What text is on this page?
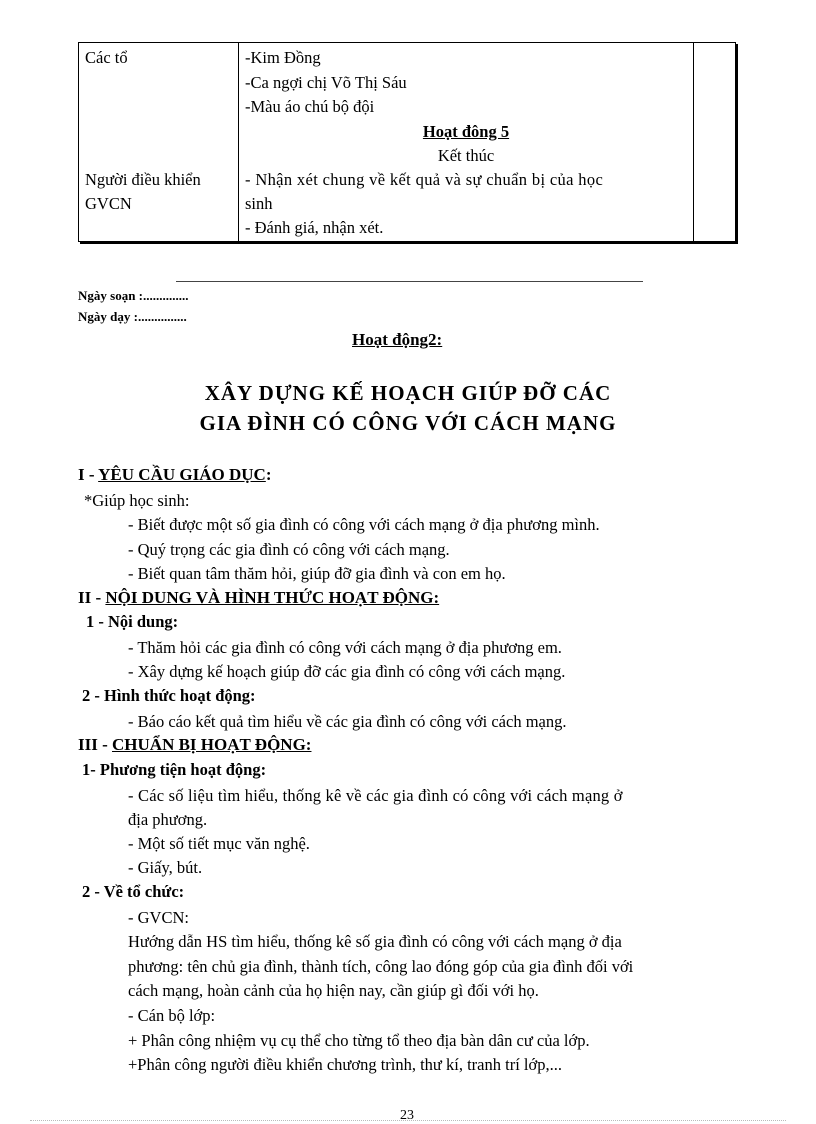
Các tổ	-Kim Đồng
-Ca ngợi chị Võ Thị Sáu
-Màu áo chú bộ đội
Hoạt đông 5
Kết thúc
Người điều khiển
GVCN
- Nhận xét chung về kết quả và sự chuẩn bị của học
sinh
- Đánh giá, nhận xét.
Ngày soạn :..............
Ngày dạy :...............
Hoạt động2:
XÂY DỰNG KẾ HOẠCH GIÚP ĐỠ CÁC
GIA ĐÌNH CÓ CÔNG VỚI CÁCH MẠNG
I - YÊU CẦU GIÁO DỤC:
*Giúp học sinh:
- Biết được một số gia đình có công với cách mạng ở địa phương mình.
- Quý trọng các gia đình có công với cách mạng.
- Biết quan tâm thăm hỏi, giúp đỡ gia đình và con em họ.
II - NỘI DUNG VÀ HÌNH THỨC HOẠT ĐỘNG:
1 - Nội dung:
- Thăm hỏi các gia đình có công với cách mạng ở địa phương em.
- Xây dựng kế hoạch giúp đỡ các gia đình có công với cách mạng.
2 - Hình thức hoạt động:
- Báo cáo kết quả tìm hiểu về các gia đình có công với cách mạng.
III - CHUẨN BỊ HOẠT ĐỘNG:
1- Phương tiện hoạt động:
- Các số liệu tìm hiểu, thống kê về các gia đình có công với cách mạng ở
địa phương.
- Một số tiết mục văn nghệ.
- Giấy, bút.
2 - Về tổ chức:
- GVCN:
Hướng dẫn HS tìm hiểu, thống kê số gia đình có công với cách mạng ở địa
phương: tên chủ gia đình, thành tích, công lao đóng góp của gia đình đối với
cách mạng, hoàn cảnh của họ hiện nay, cần giúp gì đối với họ.
- Cán bộ lớp:
+ Phân công nhiệm vụ cụ thể cho từng tổ theo địa bàn dân cư của lớp.
+Phân công người điều khiển chương trình, thư kí, tranh trí lớp,...
23
